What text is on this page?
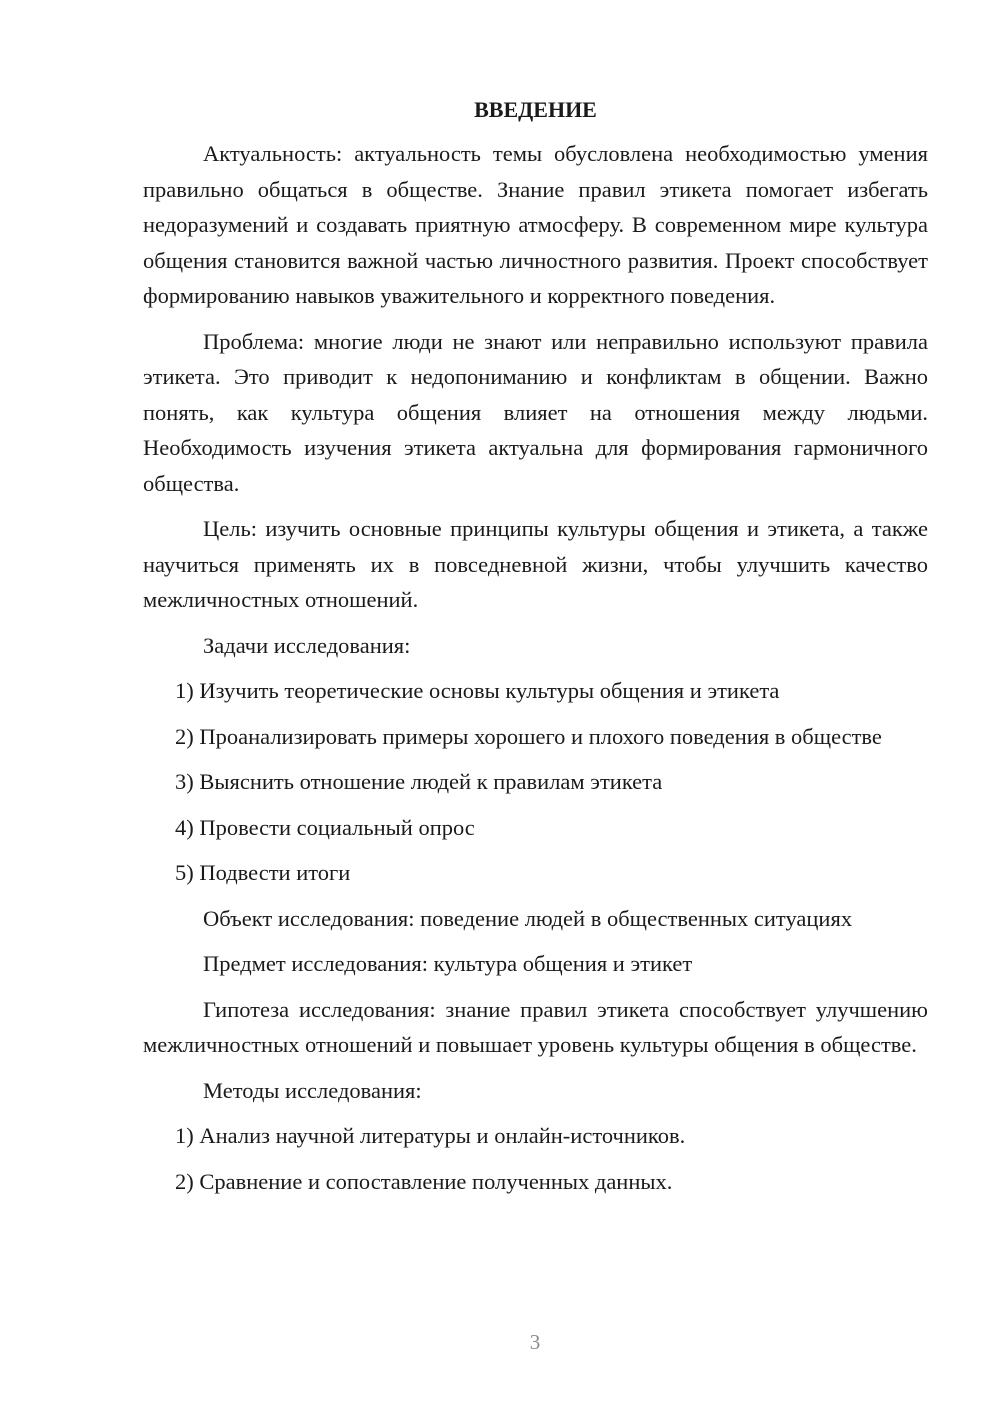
ВВЕДЕНИЕ

Актуальность: актуальность темы обусловлена необходимостью умения правильно общаться в обществе. Знание правил этикета помогает избегать недоразумений и создавать приятную атмосферу. В современном мире культура общения становится важной частью личностного развития. Проект способствует формированию навыков уважительного и корректного поведения.

Проблема: многие люди не знают или неправильно используют правила этикета. Это приводит к недопониманию и конфликтам в общении. Важно понять, как культура общения влияет на отношения между людьми. Необходимость изучения этикета актуальна для формирования гармоничного общества.

Цель: изучить основные принципы культуры общения и этикета, а также научиться применять их в повседневной жизни, чтобы улучшить качество межличностных отношений.

Задачи исследования:

1) Изучить теоретические основы культуры общения и этикета

2) Проанализировать примеры хорошего и плохого поведения в обществе

3) Выяснить отношение людей к правилам этикета

4) Провести социальный опрос

5) Подвести итоги

Объект исследования: поведение людей в общественных ситуациях

Предмет исследования: культура общения и этикет

Гипотеза исследования: знание правил этикета способствует улучшению межличностных отношений и повышает уровень культуры общения в обществе.

Методы исследования:

1) Анализ научной литературы и онлайн-источников.

2) Сравнение и сопоставление полученных данных.

3
